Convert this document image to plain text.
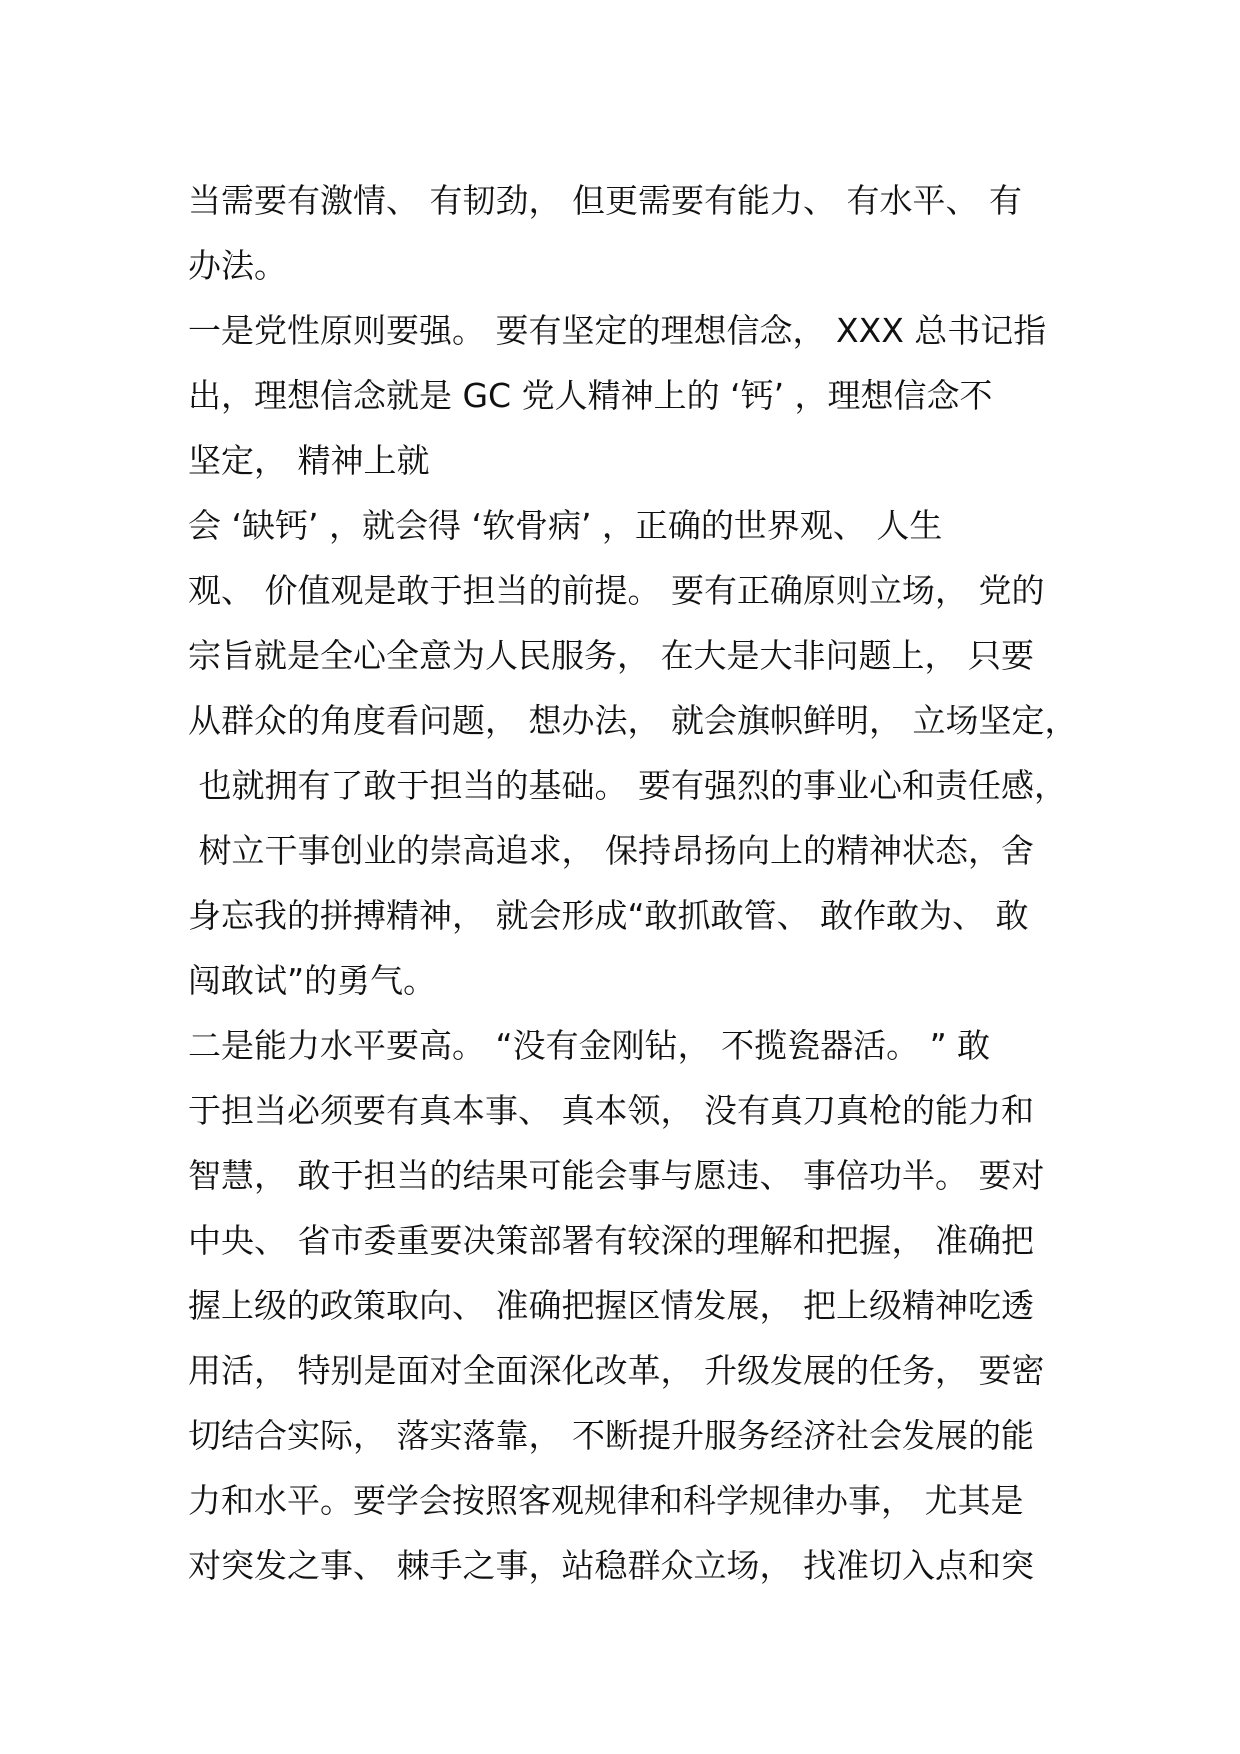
当需要有激情、 有韧劲， 但更需要有能力、 有水平、 有
办法。
一是党性原则要强。 要有坚定的理想信念， XXX 总书记指
出，理想信念就是 GC 党人精神上的 ‘钙’ ，理想信念不
坚定， 精神上就
会 ‘缺钙’ ，就会得 ‘软骨病’ ，正确的世界观、 人生
观、 价值观是敢于担当的前提。 要有正确原则立场， 党的
宗旨就是全心全意为人民服务， 在大是大非问题上， 只要
从群众的角度看问题， 想办法， 就会旗帜鲜明， 立场坚定，
也就拥有了敢于担当的基础。 要有强烈的事业心和责任感，
树立干事创业的崇高追求， 保持昂扬向上的精神状态，舍
身忘我的拼搏精神， 就会形成“敢抓敢管、 敢作敢为、 敢
闯敢试”的勇气。
二是能力水平要高。 “没有金刚钻， 不揽瓷器活。 ” 敢
于担当必须要有真本事、 真本领， 没有真刀真枪的能力和
智慧， 敢于担当的结果可能会事与愿违、 事倍功半。 要对
中央、 省市委重要决策部署有较深的理解和把握， 准确把
握上级的政策取向、 准确把握区情发展， 把上级精神吃透
用活， 特别是面对全面深化改革， 升级发展的任务， 要密
切结合实际， 落实落靠， 不断提升服务经济社会发展的能
力和水平。要学会按照客观规律和科学规律办事， 尤其是
对突发之事、 棘手之事，站稳群众立场， 找准切入点和突
